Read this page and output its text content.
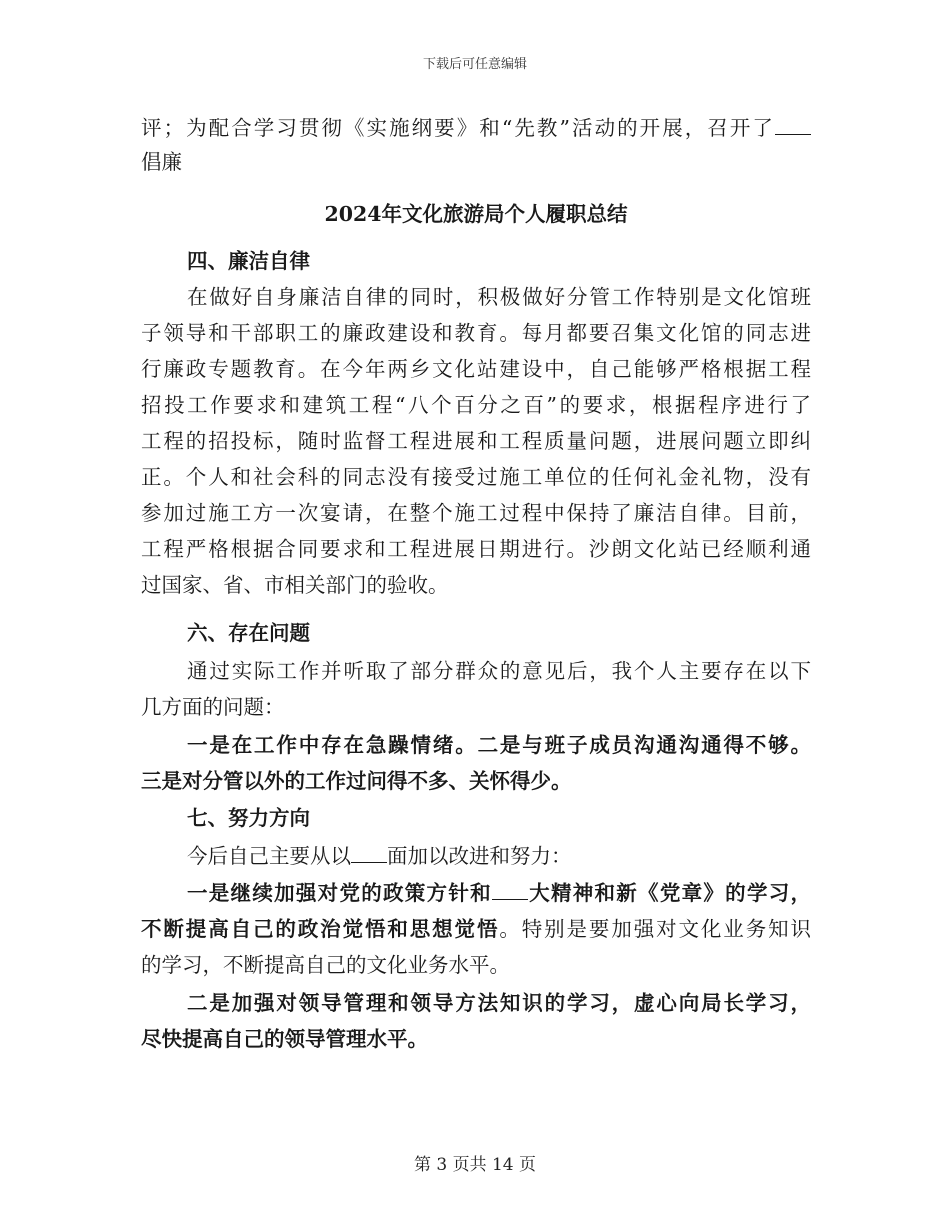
下载后可任意编辑
评；为配合学习贯彻《实施纲要》和“先教”活动的开展，召开了
倡廉
2024年文化旅游局个人履职总结
四、廉洁自律
在做好自身廉洁自律的同时，积极做好分管工作特别是文化馆班
子领导和干部职工的廉政建设和教育。每月都要召集文化馆的同志进
行廉政专题教育。在今年两乡文化站建设中，自己能够严格根据工程
招投工作要求和建筑工程“八个百分之百”的要求，根据程序进行了
工程的招投标，随时监督工程进展和工程质量问题，进展问题立即纠
正。个人和社会科的同志没有接受过施工单位的任何礼金礼物，没有
参加过施工方一次宴请，在整个施工过程中保持了廉洁自律。目前，
工程严格根据合同要求和工程进展日期进行。沙朗文化站已经顺利通
过国家、省、市相关部门的验收。
六、存在问题
通过实际工作并听取了部分群众的意见后，我个人主要存在以下
几方面的问题：
一是在工作中存在急躁情绪。二是与班子成员沟通沟通得不够。
三是对分管以外的工作过问得不多、关怀得少。
七、努力方向
今后自己主要从以 面加以改进和努力：
一是继续加强对党的政策方针和 大精神和新《党章》的学习，
不断提高自己的政治觉悟和思想觉悟。特别是要加强对文化业务知识
的学习，不断提高自己的文化业务水平。
二是加强对领导管理和领导方法知识的学习，虚心向局长学习，
尽快提高自己的领导管理水平。
第 3 页共 14 页
